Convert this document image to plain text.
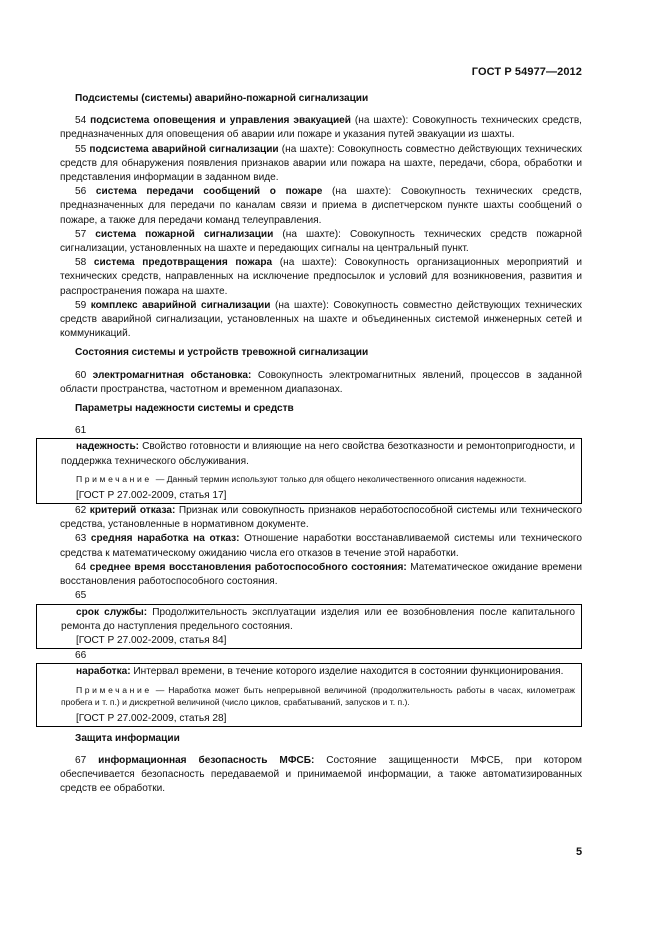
ГОСТ Р 54977—2012
Подсистемы (системы) аварийно-пожарной сигнализации

54 подсистема оповещения и управления эвакуацией (на шахте): Совокупность технических средств, предназначенных для оповещения об аварии или пожаре и указания путей эвакуации из шахты.

55 подсистема аварийной сигнализации (на шахте): Совокупность совместно действующих технических средств для обнаружения появления признаков аварии или пожара на шахте, передачи, сбора, обработки и представления информации в заданном виде.

56 система передачи сообщений о пожаре (на шахте): Совокупность технических средств, предназначенных для передачи по каналам связи и приема в диспетчерском пункте шахты сообщений о пожаре, а также для передачи команд телеуправления.

57 система пожарной сигнализации (на шахте): Совокупность технических средств пожарной сигнализации, установленных на шахте и передающих сигналы на центральный пункт.

58 система предотвращения пожара (на шахте): Совокупность организационных мероприятий и технических средств, направленных на исключение предпосылок и условий для возникновения, развития и распространения пожара на шахте.

59 комплекс аварийной сигнализации (на шахте): Совокупность совместно действующих технических средств аварийной сигнализации, установленных на шахте и объединенных системой инженерных сетей и коммуникаций.

Состояния системы и устройств тревожной сигнализации

60 электромагнитная обстановка: Совокупность электромагнитных явлений, процессов в заданной области пространства, частотном и временном диапазонах.

Параметры надежности системы и средств

61

надежность: Свойство готовности и влияющие на него свойства безотказности и ремонтопригодности, и поддержка технического обслуживания.

Примечание — Данный термин используют только для общего неколичественного описания надежности.

[ГОСТ Р 27.002-2009, статья 17]

62 критерий отказа: Признак или совокупность признаков неработоспособной системы или технического средства, установленные в нормативном документе.

63 средняя наработка на отказ: Отношение наработки восстанавливаемой системы или технического средства к математическому ожиданию числа его отказов в течение этой наработки.

64 среднее время восстановления работоспособного состояния: Математическое ожидание времени восстановления работоспособного состояния.

65

срок службы: Продолжительность эксплуатации изделия или ее возобновления после капитального ремонта до наступления предельного состояния.

[ГОСТ Р 27.002-2009, статья 84]

66

наработка: Интервал времени, в течение которого изделие находится в состоянии функционирования.

Примечание — Наработка может быть непрерывной величиной (продолжительность работы в часах, километраж пробега и т. п.) и дискретной величиной (число циклов, срабатываний, запусков и т. п.).

[ГОСТ Р 27.002-2009, статья 28]

Защита информации

67 информационная безопасность МФСБ: Состояние защищенности МФСБ, при котором обеспечивается безопасность передаваемой и принимаемой информации, а также автоматизированных средств ее обработки.

5
